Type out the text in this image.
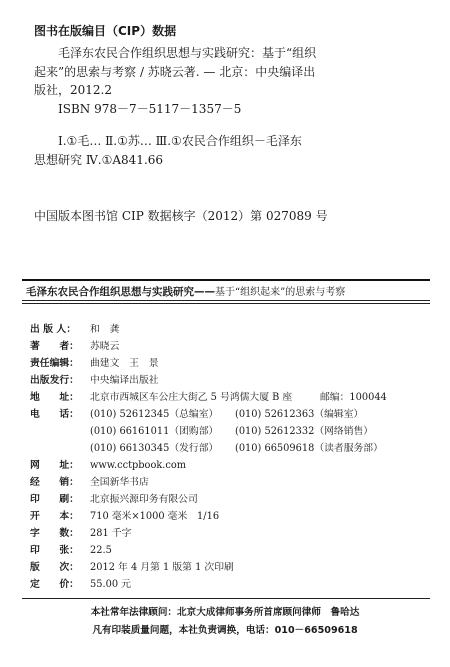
图书在版编目（CIP）数据

毛泽东农民合作组织思想与实践研究：基于“组织

起来”的思索与考察 / 苏晓云著. — 北京：中央编译出

版社，2012.2

ISBN 978－7－5117－1357－5

Ⅰ.①毛… Ⅱ.①苏… Ⅲ.①农民合作组织－毛泽东

思想研究 Ⅳ.①A841.66

中国版本图书馆 CIP 数据核字（2012）第 027089 号
毛泽东农民合作组织思想与实践研究——基于“组织起来”的思索与考察
出 版 人：	和　龚
著　　者：	苏晓云
责任编辑：	曲建文　王　景
出版发行：	中央编译出版社
地　　址：	北京市西城区车公庄大街乙 5 号鸿儒大厦 B 座	邮编：100044
电　　话：	(010) 52612345（总编室） (010) 52612363（编辑室）
(010) 66161011（团购部） (010) 52612332（网络销售）
(010) 66130345（发行部） (010) 66509618（读者服务部）
网　　址：	www.cctpbook.com
经　　销：	全国新华书店
印　　刷：	北京振兴源印务有限公司
开　　本：	710 毫米×1000 毫米　1/16
字　　数：	281 千字
印　　张：	22.5
版　　次：	2012 年 4 月第 1 版第 1 次印刷
定　　价：	55.00 元

本社常年法律顾问：北京大成律师事务所首席顾问律师　鲁哈达

凡有印装质量问题，本社负责调换，电话：010－66509618
